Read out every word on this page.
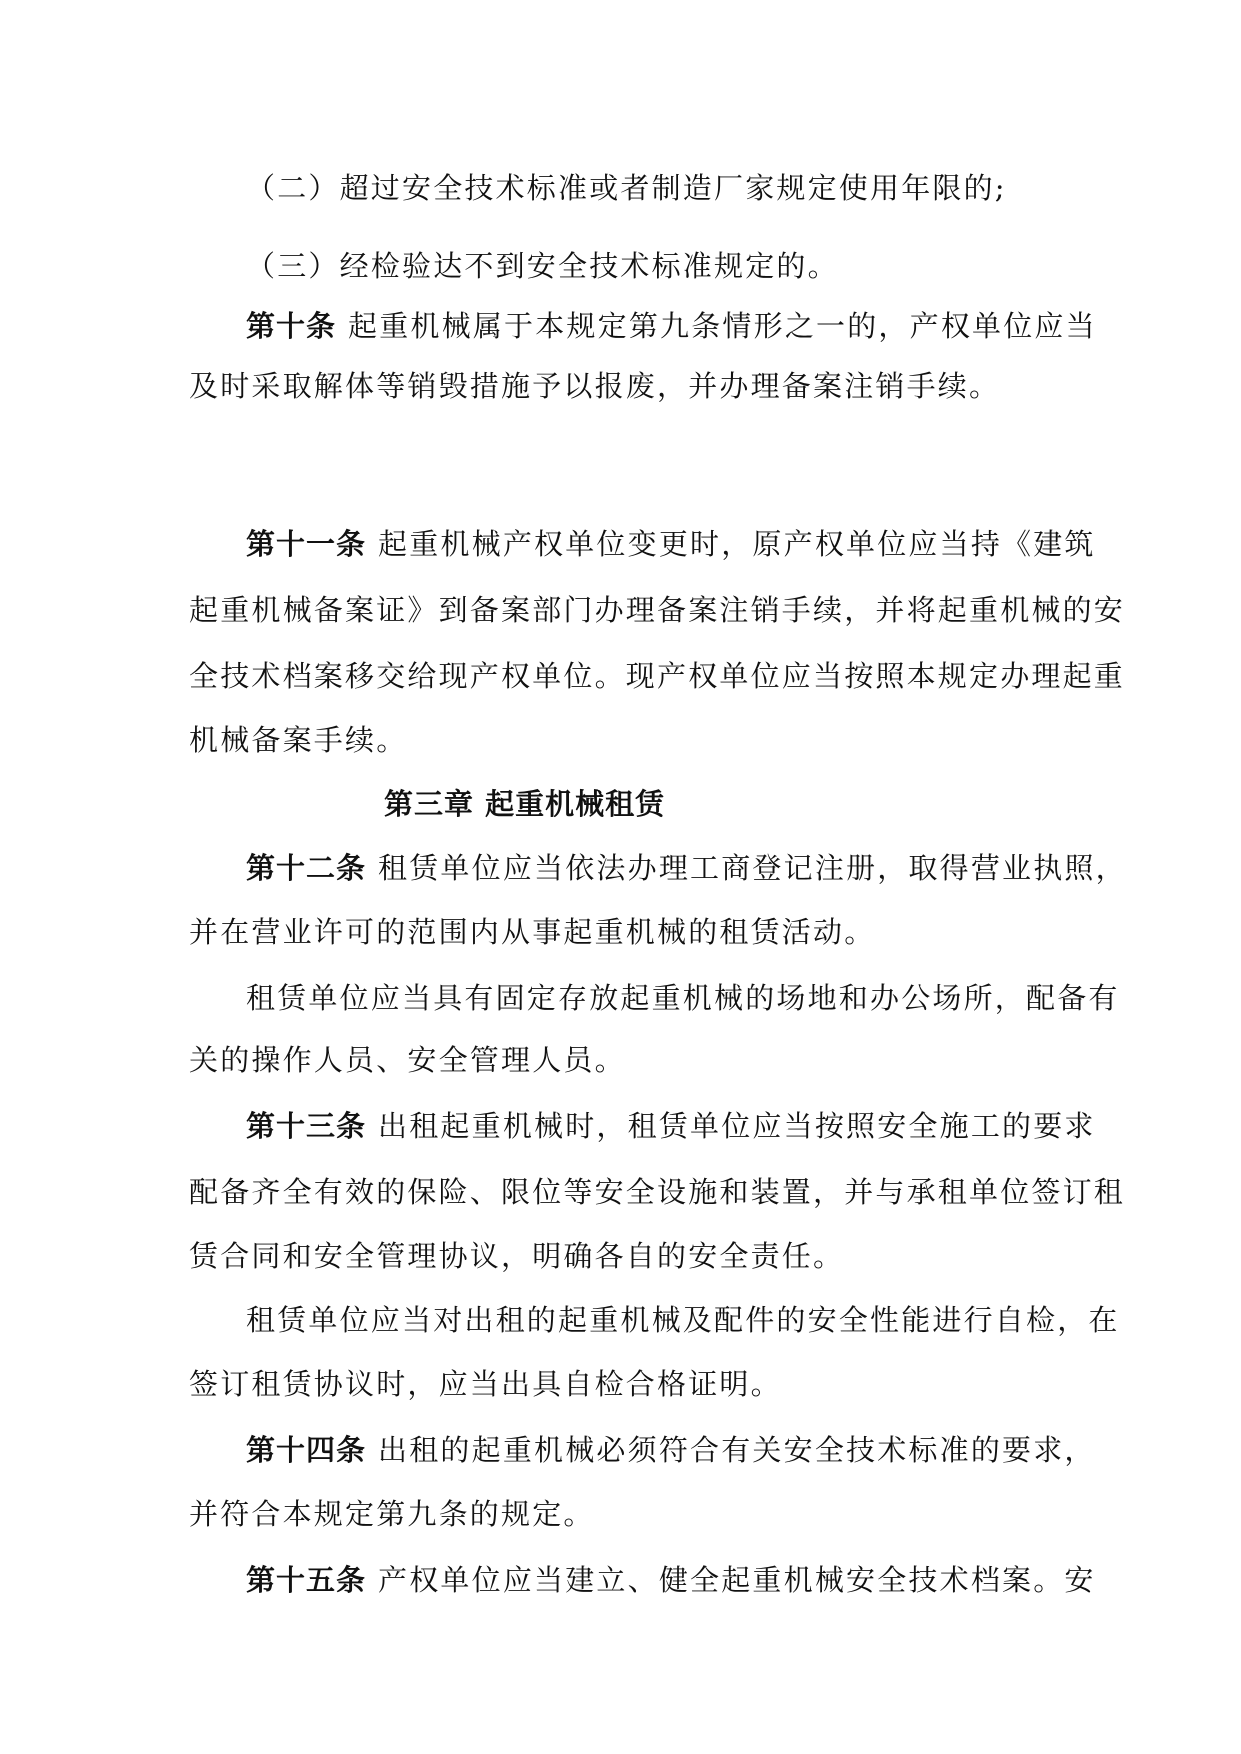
（二）超过安全技术标准或者制造厂家规定使用年限的;
（三）经检验达不到安全技术标准规定的。
第十条 起重机械属于本规定第九条情形之一的，产权单位应当
及时采取解体等销毁措施予以报废，并办理备案注销手续。
第十一条 起重机械产权单位变更时，原产权单位应当持《建筑
起重机械备案证》到备案部门办理备案注销手续，并将起重机械的安
全技术档案移交给现产权单位。现产权单位应当按照本规定办理起重
机械备案手续。
第三章 起重机械租赁
第十二条 租赁单位应当依法办理工商登记注册，取得营业执照，
并在营业许可的范围内从事起重机械的租赁活动。
租赁单位应当具有固定存放起重机械的场地和办公场所，配备有
关的操作人员、安全管理人员。
第十三条 出租起重机械时，租赁单位应当按照安全施工的要求
配备齐全有效的保险、限位等安全设施和装置，并与承租单位签订租
赁合同和安全管理协议，明确各自的安全责任。
租赁单位应当对出租的起重机械及配件的安全性能进行自检，在
签订租赁协议时，应当出具自检合格证明。
第十四条 出租的起重机械必须符合有关安全技术标准的要求，
并符合本规定第九条的规定。
第十五条 产权单位应当建立、健全起重机械安全技术档案。安
